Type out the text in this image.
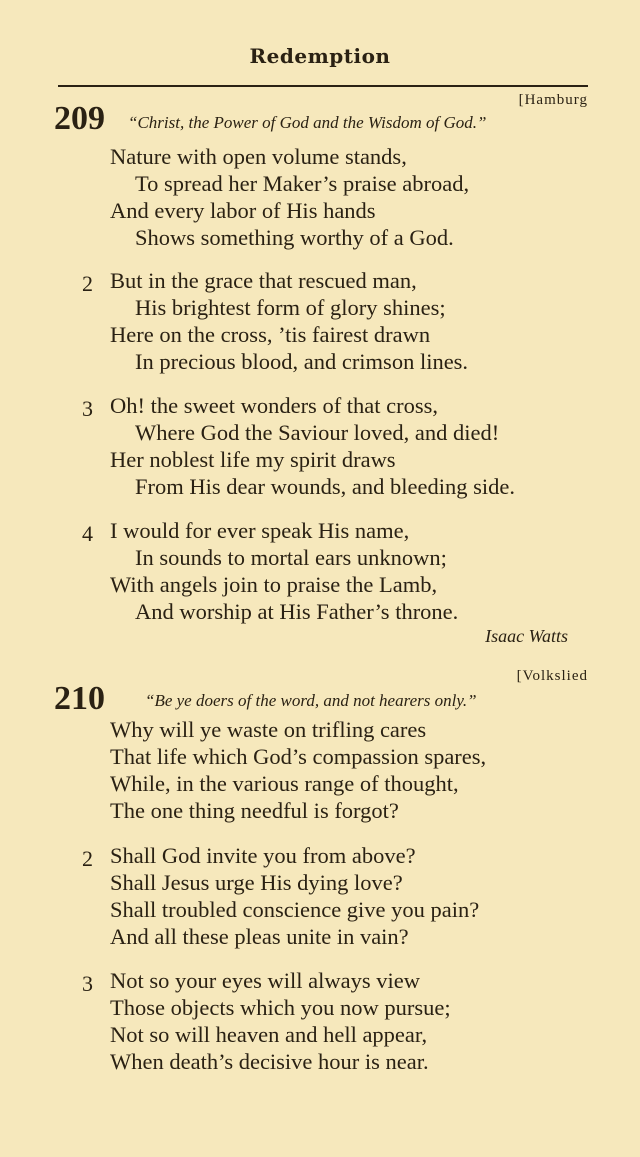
Redemption
[Hamburg
209 “Christ, the Power of God and the Wisdom of God.”
Nature with open volume stands,
To spread her Maker’s praise abroad,
And every labor of His hands
Shows something worthy of a God.
2 But in the grace that rescued man,
His brightest form of glory shines;
Here on the cross, ’tis fairest drawn
In precious blood, and crimson lines.
3 Oh! the sweet wonders of that cross,
Where God the Saviour loved, and died!
Her noblest life my spirit draws
From His dear wounds, and bleeding side.
4 I would for ever speak His name,
In sounds to mortal ears unknown;
With angels join to praise the Lamb,
And worship at His Father’s throne.
Isaac Watts
[Volkslied
210 “Be ye doers of the word, and not hearers only.”
Why will ye waste on trifling cares
That life which God’s compassion spares,
While, in the various range of thought,
The one thing needful is forgot?
2 Shall God invite you from above?
Shall Jesus urge His dying love?
Shall troubled conscience give you pain?
And all these pleas unite in vain?
3 Not so your eyes will always view
Those objects which you now pursue;
Not so will heaven and hell appear,
When death’s decisive hour is near.
